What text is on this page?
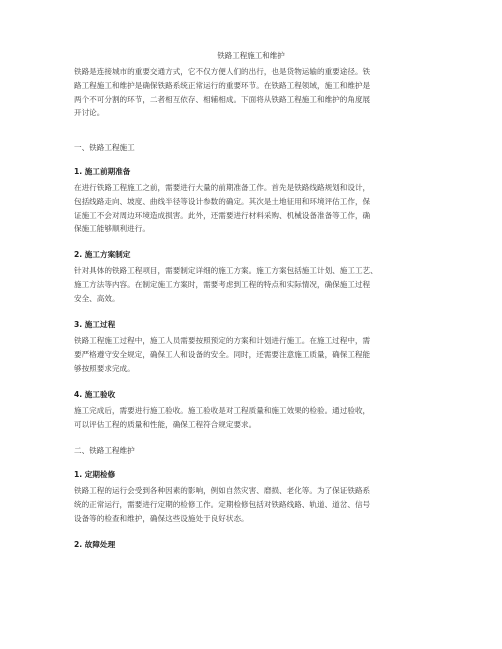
铁路工程施工和维护
铁路是连接城市的重要交通方式，它不仅方便人们的出行，也是货物运输的重要途径。铁
路工程施工和维护是确保铁路系统正常运行的重要环节。在铁路工程领域，施工和维护是
两个不可分割的环节，二者相互依存、相辅相成。下面将从铁路工程施工和维护的角度展
开讨论。
一、铁路工程施工
1. 施工前期准备
在进行铁路工程施工之前，需要进行大量的前期准备工作。首先是铁路线路规划和设计，
包括线路走向、坡度、曲线半径等设计参数的确定。其次是土地征用和环境评估工作，保
证施工不会对周边环境造成损害。此外，还需要进行材料采购、机械设备准备等工作，确
保施工能够顺利进行。
2. 施工方案制定
针对具体的铁路工程项目，需要制定详细的施工方案。施工方案包括施工计划、施工工艺、
施工方法等内容。在制定施工方案时，需要考虑到工程的特点和实际情况，确保施工过程
安全、高效。
3. 施工过程
铁路工程施工过程中，施工人员需要按照预定的方案和计划进行施工。在施工过程中，需
要严格遵守安全规定，确保工人和设备的安全。同时，还需要注意施工质量，确保工程能
够按照要求完成。
4. 施工验收
施工完成后，需要进行施工验收。施工验收是对工程质量和施工效果的检验。通过验收，
可以评估工程的质量和性能，确保工程符合规定要求。
二、铁路工程维护
1. 定期检修
铁路工程的运行会受到各种因素的影响，例如自然灾害、磨损、老化等。为了保证铁路系
统的正常运行，需要进行定期的检修工作。定期检修包括对铁路线路、轨道、道岔、信号
设备等的检查和维护，确保这些设施处于良好状态。
2. 故障处理
